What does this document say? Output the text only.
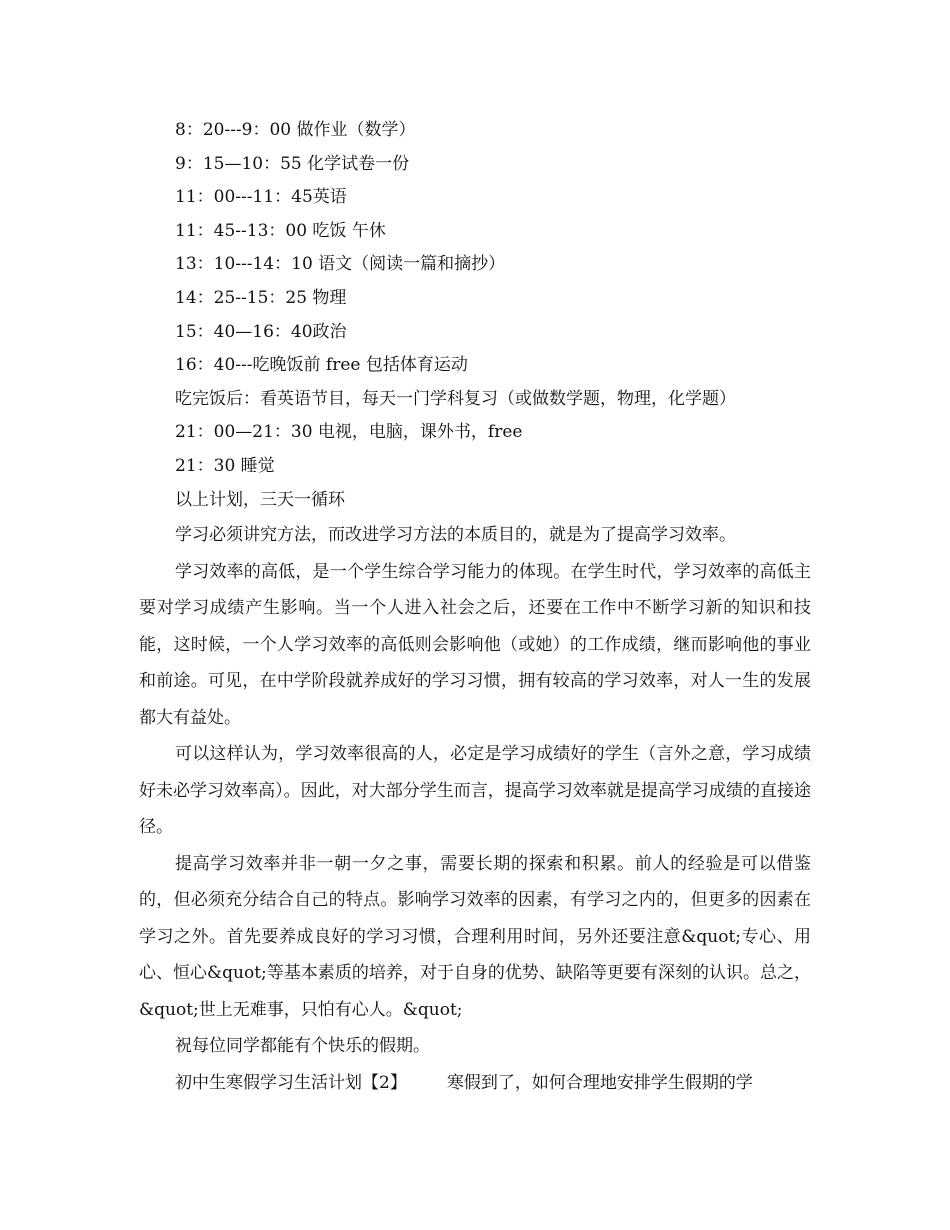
8：20---9：00 做作业（数学）
9：15—10：55 化学试卷一份
11：00---11：45英语
11：45--13：00 吃饭 午休
13：10---14：10 语文（阅读一篇和摘抄）
14：25--15：25 物理
15：40—16：40政治
16：40---吃晚饭前 free 包括体育运动
吃完饭后：看英语节目，每天一门学科复习（或做数学题，物理，化学题）
21：00—21：30 电视，电脑，课外书，free
21：30 睡觉
以上计划，三天一循环

学习必须讲究方法，而改进学习方法的本质目的，就是为了提高学习效率。

学习效率的高低，是一个学生综合学习能力的体现。在学生时代，学习效率的高低主要对学习成绩产生影响。当一个人进入社会之后，还要在工作中不断学习新的知识和技能，这时候，一个人学习效率的高低则会影响他（或她）的工作成绩，继而影响他的事业和前途。可见，在中学阶段就养成好的学习习惯，拥有较高的学习效率，对人一生的发展都大有益处。

可以这样认为，学习效率很高的人，必定是学习成绩好的学生（言外之意，学习成绩好未必学习效率高）。因此，对大部分学生而言，提高学习效率就是提高学习成绩的直接途径。

提高学习效率并非一朝一夕之事，需要长期的探索和积累。前人的经验是可以借鉴的，但必须充分结合自己的特点。影响学习效率的因素，有学习之内的，但更多的因素在学习之外。首先要养成良好的学习习惯，合理利用时间，另外还要注意&quot;专心、用心、恒心&quot;等基本素质的培养，对于自身的优势、缺陷等更要有深刻的认识。总之，&quot;世上无难事，只怕有心人。&quot;

祝每位同学都能有个快乐的假期。

初中生寒假学习生活计划【2】 寒假到了，如何合理地安排学生假期的学
